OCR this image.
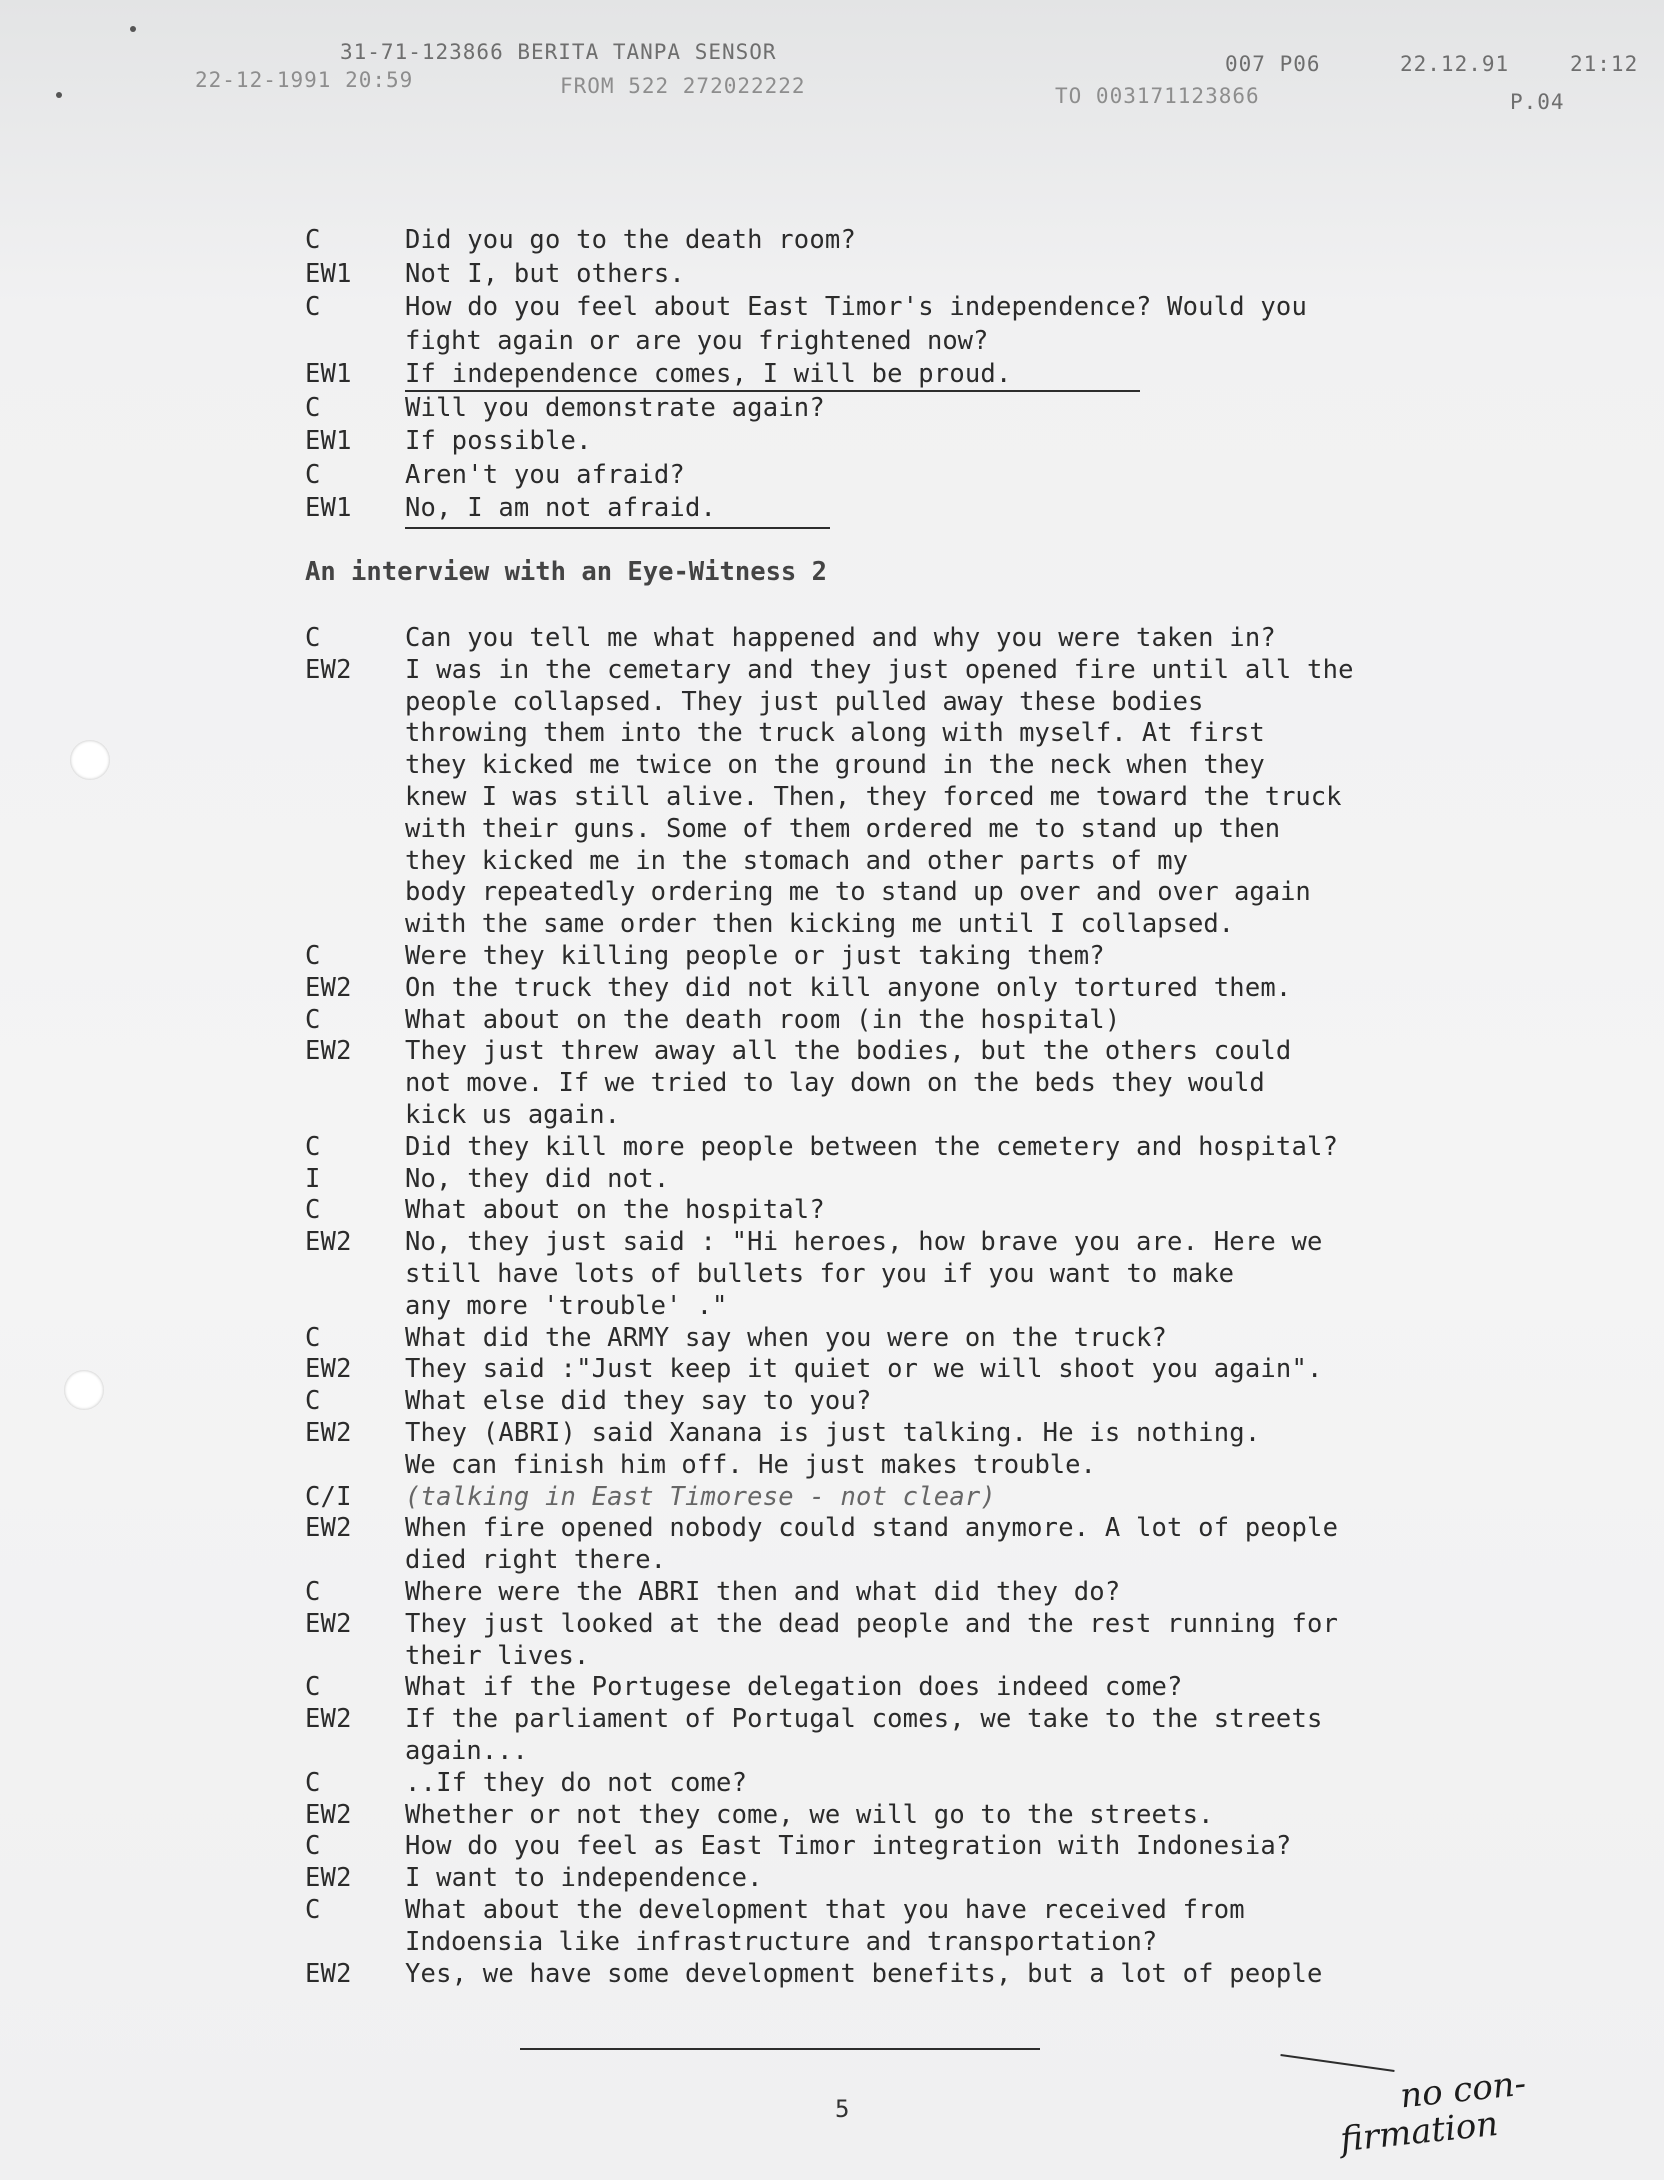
31-71-123866 BERITA TANPA SENSOR	007 P06	22.12.91	21:12
22-12-1991 20:59	FROM 522 272022222	TO 003171123866	P.04
C	Did you go to the death room?
EW1 Not I, but others.
C	How do you feel about East Timor's independence? Would you
fight again or are you frightened now?
EW1 If independence comes, I will be proud.
C	Will you demonstrate again?
EW1 If possible.
C	Aren't you afraid?
EW1 No, I am not afraid.
An interview with an Eye-Witness 2
C	Can you tell me what happened and why you were taken in?
EW2 I was in the cemetary and they just opened fire until all the
people collapsed. They just pulled away these bodies
throwing them into the truck along with myself. At first
they kicked me twice on the ground in the neck when they
knew I was still alive. Then, they forced me toward the truck
with their guns. Some of them ordered me to stand up then
they kicked me in the stomach and other parts of my
body repeatedly ordering me to stand up over and over again
with the same order then kicking me until I collapsed.
C	Were they killing people or just taking them?
EW2 On the truck they did not kill anyone only tortured them.
C	What about on the death room (in the hospital)
EW2 They just threw away all the bodies, but the others could
not move. If we tried to lay down on the beds they would
kick us again.
C	Did they kill more people between the cemetery and hospital?
I	No, they did not.
C	What about on the hospital?
EW2 No, they just said : "Hi heroes, how brave you are. Here we
still have lots of bullets for you if you want to make
any more 'trouble' ."
C	What did the ARMY say when you were on the truck?
EW2 They said :"Just keep it quiet or we will shoot you again".
C	What else did they say to you?
EW2 They (ABRI) said Xanana is just talking. He is nothing.
We can finish him off. He just makes trouble.
C/I (talking in East Timorese - not clear)
EW2 When fire opened nobody could stand anymore. A lot of people
died right there.
C	Where were the ABRI then and what did they do?
EW2 They just looked at the dead people and the rest running for
their lives.
C	What if the Portugese delegation does indeed come?
EW2 If the parliament of Portugal comes, we take to the streets
again...
C	..If they do not come?
EW2 Whether or not they come, we will go to the streets.
C	How do you feel as East Timor integration with Indonesia?
EW2 I want to independence.
C	What about the development that you have received from
Indoensia like infrastructure and transportation?
EW2 Yes, we have some development benefits, but a lot of people
5	no con-
firmation
